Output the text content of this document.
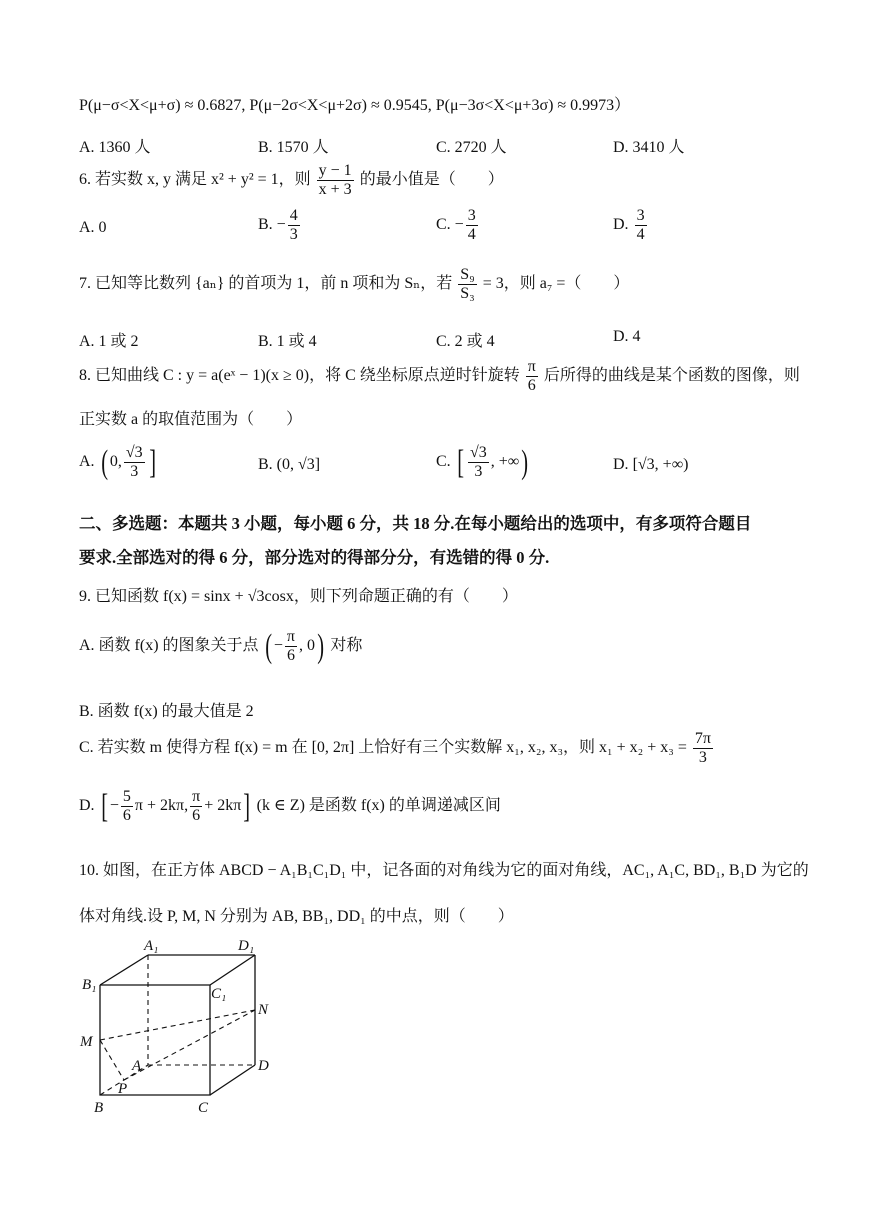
P(μ−σ<X<μ+σ) ≈ 0.6827, P(μ−2σ<X<μ+2σ) ≈ 0.9545, P(μ−3σ<X<μ+3σ) ≈ 0.9973）
A. 1360 人	B. 1570 人	C. 2720 人	D. 3410 人
6. 若实数 x, y 满足 x² + y² = 1，则 $\frac{y - 1}{x + 3}$ 的最小值是（　　）
A. 0	B. − $\frac{4}{3}$	C. − $\frac{3}{4}$	D. $\frac{3}{4}$
7. 已知等比数列 {aₙ} 的首项为 1，前 n 项和为 Sₙ，若 $\frac{\text{S₉}}{\text{S₃}} = 3$，则 a₇ =（　　）
A. 1 或 2	B. 1 或 4	C. 2 或 4	D. 4
8. 已知曲线 C : y = a(eˣ − 1)(x ≥ 0)，将 C 绕坐标原点逆时针旋转 $\frac{\pi}{6}$ 后所得的曲线是某个函数的图像，则
正实数 a 的取值范围为（　　）
A. ( 0, $\frac{√3}{3}$ ]	B. (0, √3]	C. [ $\frac{√3}{3}$ , +∞)	D. [√3, +∞)
二、多选题：本题共 3 小题，每小题 6 分，共 18 分.在每小题给出的选项中，有多项符合题目
要求.全部选对的得 6 分，部分选对的得部分分，有选错的得 0 分.
9. 已知函数 f(x) = sinx + √3cosx，则下列命题正确的有（　　）
A. 函数 f(x) 的图象关于点 ( − $\frac{\pi}{6}$ , 0) 对称
B. 函数 f(x) 的最大值是 2
C. 若实数 m 使得方程 f(x) = m 在 [0, 2π] 上恰好有三个实数解 x₁, x₂, x₃，则 $x_1 + x_2 + x_3 = \frac{7\pi}{3}$
D. [ − $\frac{5}{6}$ π + 2kπ, $\frac{\pi}{6} + 2k\pi$] (k ∈ Z) 是函数 f(x) 的单调递减区间
10. 如图，在正方体 ABCD − A₁B₁C₁D₁ 中，记各面的对角线为它的面对角线，AC₁, A₁C, BD₁, B₁D 为它的
体对角线.设 P, M, N 分别为 AB, BB₁, DD₁ 的中点，则（　　）
A₁	D₁
B₁
C₁
N
M
A	D
P
B	C
